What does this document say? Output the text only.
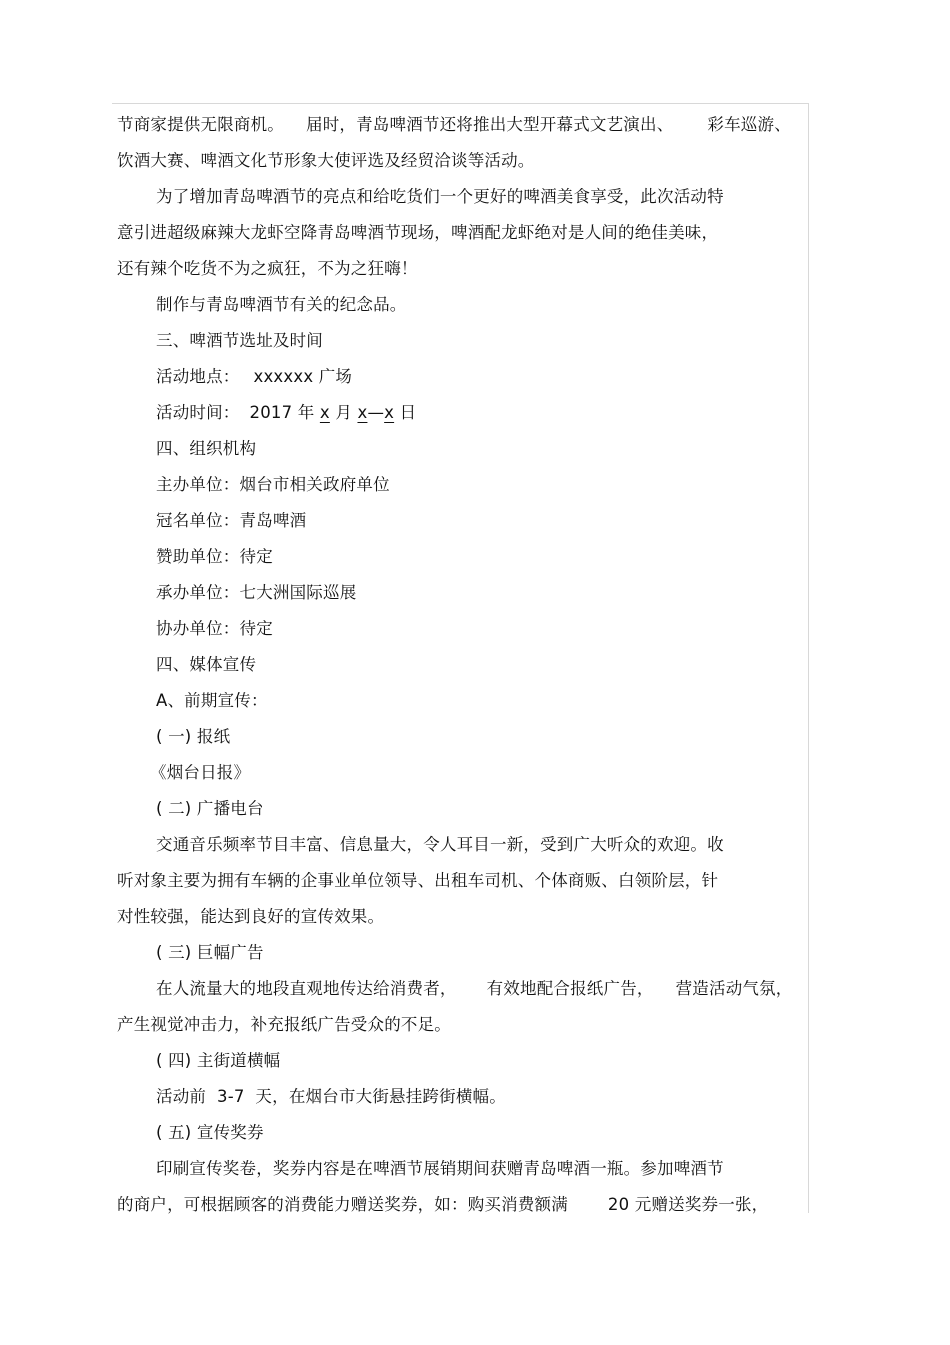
节商家提供无限商机。 届时，青岛啤酒节还将推出大型开幕式文艺演出、 彩车巡游、
饮酒大赛、啤酒文化节形象大使评选及经贸洽谈等活动。
为了增加青岛啤酒节的亮点和给吃货们一个更好的啤酒美食享受，此次活动特
意引进超级麻辣大龙虾空降青岛啤酒节现场，啤酒配龙虾绝对是人间的绝佳美味，
还有辣个吃货不为之疯狂，不为之狂嗨！
制作与青岛啤酒节有关的纪念品。
三、啤酒节选址及时间
活动地点： xxxxxx 广场
活动时间： 2017 年 x 月 x—x 日
四、组织机构
主办单位：烟台市相关政府单位
冠名单位：青岛啤酒
赞助单位：待定
承办单位：七大洲国际巡展
协办单位：待定
四、媒体宣传
A、前期宣传：
( 一) 报纸
《烟台日报》
( 二) 广播电台
交通音乐频率节目丰富、信息量大，令人耳目一新，受到广大听众的欢迎。收
听对象主要为拥有车辆的企事业单位领导、出租车司机、个体商贩、白领阶层，针
对性较强，能达到良好的宣传效果。
( 三) 巨幅广告
在人流量大的地段直观地传达给消费者， 有效地配合报纸广告， 营造活动气氛，
产生视觉冲击力，补充报纸广告受众的不足。
( 四) 主街道横幅
活动前  3-7  天，在烟台市大街悬挂跨街横幅。
( 五) 宣传奖券
印刷宣传奖卷，奖券内容是在啤酒节展销期间获赠青岛啤酒一瓶。参加啤酒节
的商户，可根据顾客的消费能力赠送奖券，如：购买消费额满 20 元赠送奖券一张，
